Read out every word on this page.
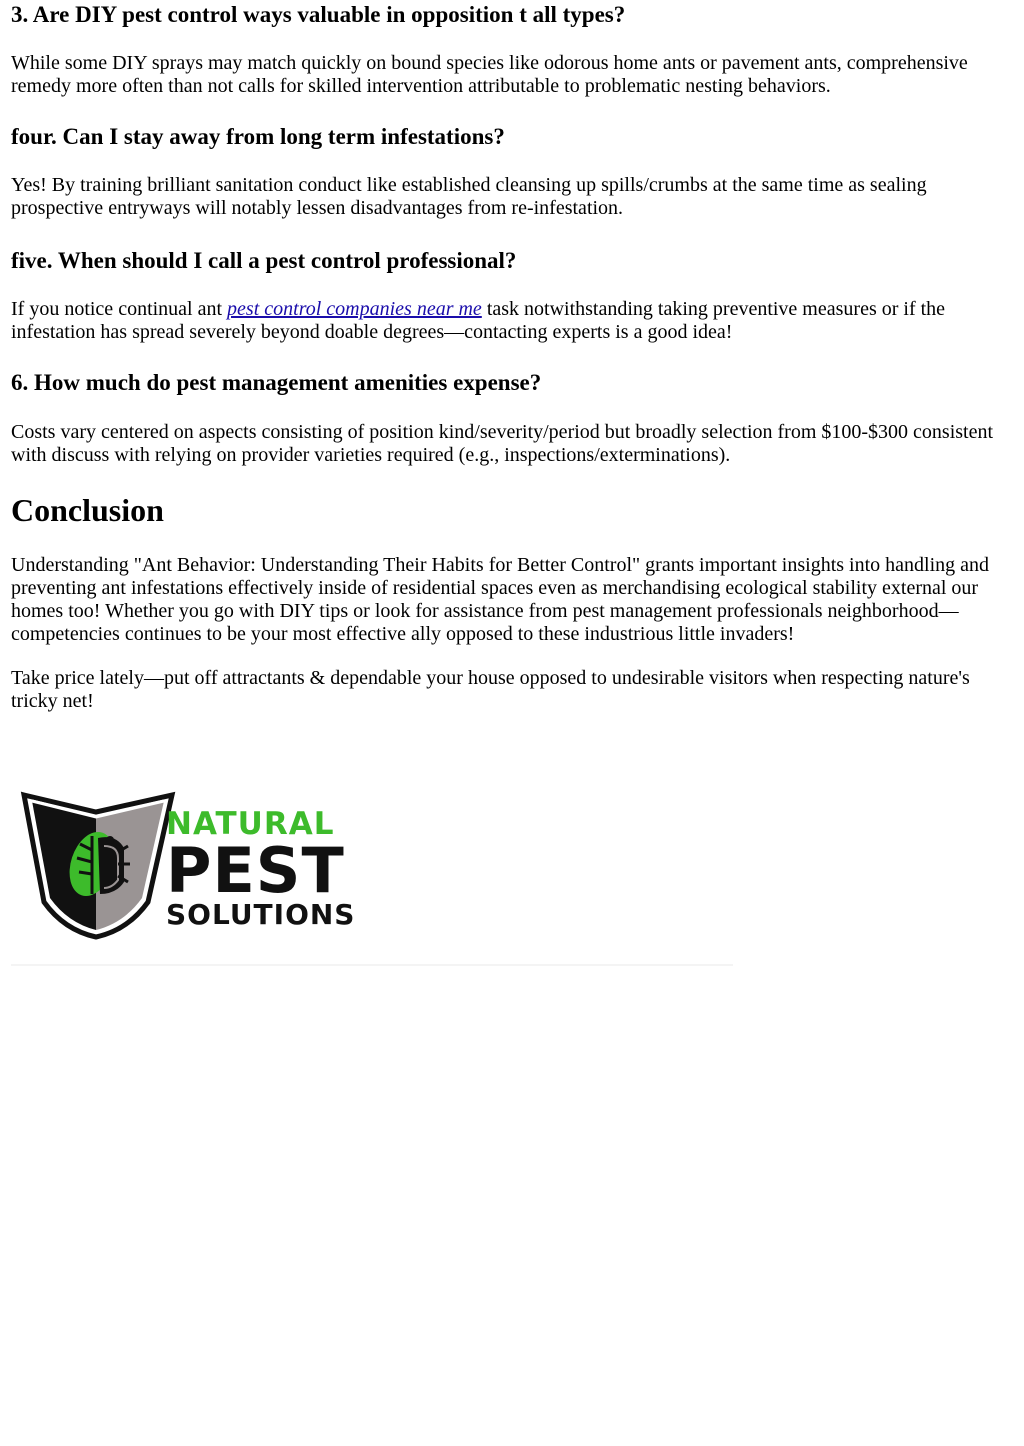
3. Are DIY pest control ways valuable in opposition t all types?

While some DIY sprays may match quickly on bound species like odorous home ants or pavement ants, comprehensive remedy more often than not calls for skilled intervention attributable to problematic nesting behaviors.

four. Can I stay away from long term infestations?

Yes! By training brilliant sanitation conduct like established cleansing up spills/crumbs at the same time as sealing prospective entryways will notably lessen disadvantages from re-infestation.

five. When should I call a pest control professional?

If you notice continual ant pest control companies near me task notwithstanding taking preventive measures or if the infestation has spread severely beyond doable degrees—contacting experts is a good idea!

6. How much do pest management amenities expense?

Costs vary centered on aspects consisting of position kind/severity/period but broadly selection from $100-$300 consistent with discuss with relying on provider varieties required (e.g., inspections/exterminations).

Conclusion

Understanding "Ant Behavior: Understanding Their Habits for Better Control" grants important insights into handling and preventing ant infestations effectively inside of residential spaces even as merchandising ecological stability external our homes too! Whether you go with DIY tips or look for assistance from pest management professionals neighborhood—competencies continues to be your most effective ally opposed to these industrious little invaders!

Take price lately—put off attractants & dependable your house opposed to undesirable visitors when respecting nature's tricky net!

NATURAL
PEST
SOLUTIONS
